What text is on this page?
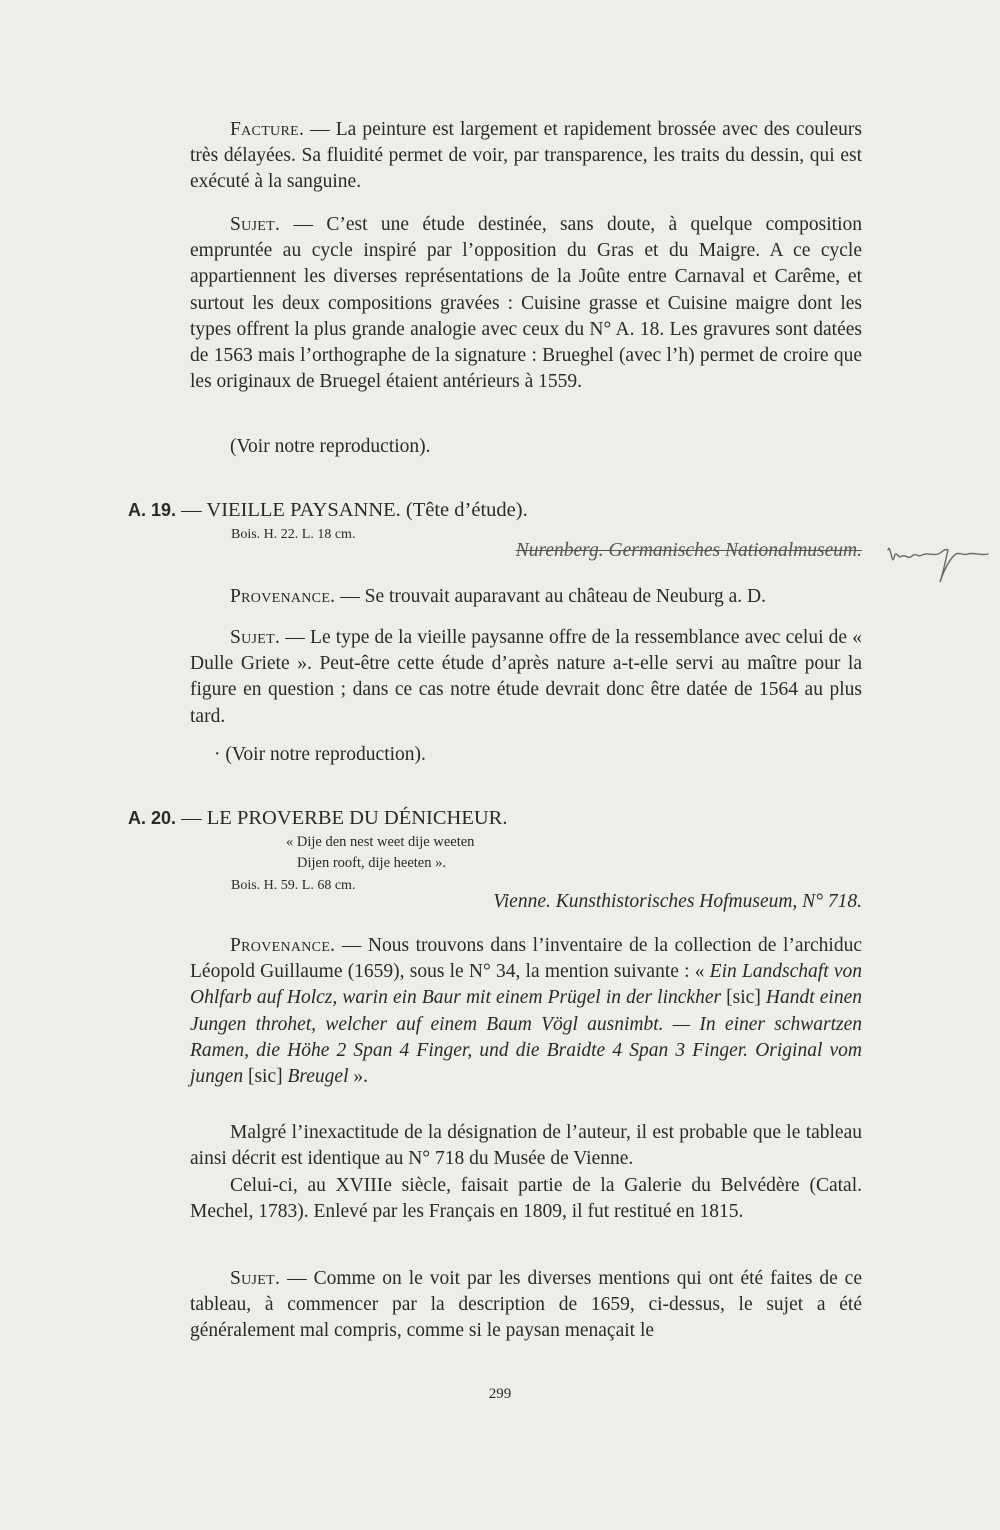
Facture. — La peinture est largement et rapidement brossée avec des couleurs très délayées. Sa fluidité permet de voir, par transparence, les traits du dessin, qui est exécuté à la sanguine.

Sujet. — C’est une étude destinée, sans doute, à quelque composition empruntée au cycle inspiré par l’opposition du Gras et du Maigre. A ce cycle appartiennent les diverses représentations de la Joûte entre Carnaval et Carême, et surtout les deux compositions gravées : Cuisine grasse et Cuisine maigre dont les types offrent la plus grande analogie avec ceux du N° A. 18. Les gravures sont datées de 1563 mais l’orthographe de la signature : Brueghel (avec l’h) permet de croire que les originaux de Bruegel étaient antérieurs à 1559.

(Voir notre reproduction).
A. 19. — VIEILLE PAYSANNE. (Tête d’étude).
Bois. H. 22. L. 18 cm.
Nurenberg. Germanisches Nationalmuseum.

Provenance. — Se trouvait auparavant au château de Neuburg a. D.

Sujet. — Le type de la vieille paysanne offre de la ressemblance avec celui de « Dulle Griete ». Peut-être cette étude d’après nature a-t-elle servi au maître pour la figure en question ; dans ce cas notre étude devrait donc être datée de 1564 au plus tard.

· (Voir notre reproduction).
A. 20. — LE PROVERBE DU DÉNICHEUR.
« Dije den nest weet dije weeten
Dijen rooft, dije heeten ».
Bois. H. 59. L. 68 cm.
Vienne. Kunsthistorisches Hofmuseum, N° 718.

Provenance. — Nous trouvons dans l’inventaire de la collection de l’archiduc Léopold Guillaume (1659), sous le N° 34, la mention suivante : « Ein Landschaft von Ohlfarb auf Holcz, warin ein Baur mit einem Prügel in der linckher [sic] Handt einen Jungen throhet, welcher auf einem Baum Vögl ausnimbt. — In einer schwartzen Ramen, die Höhe 2 Span 4 Finger, und die Braidte 4 Span 3 Finger. Original vom jungen [sic] Breugel ».

Malgré l’inexactitude de la désignation de l’auteur, il est probable que le tableau ainsi décrit est identique au N° 718 du Musée de Vienne.

Celui-ci, au XVIIIe siècle, faisait partie de la Galerie du Belvédère (Catal. Mechel, 1783). Enlevé par les Français en 1809, il fut restitué en 1815.

Sujet. — Comme on le voit par les diverses mentions qui ont été faites de ce tableau, à commencer par la description de 1659, ci-dessus, le sujet a été généralement mal compris, comme si le paysan menaçait le

299
